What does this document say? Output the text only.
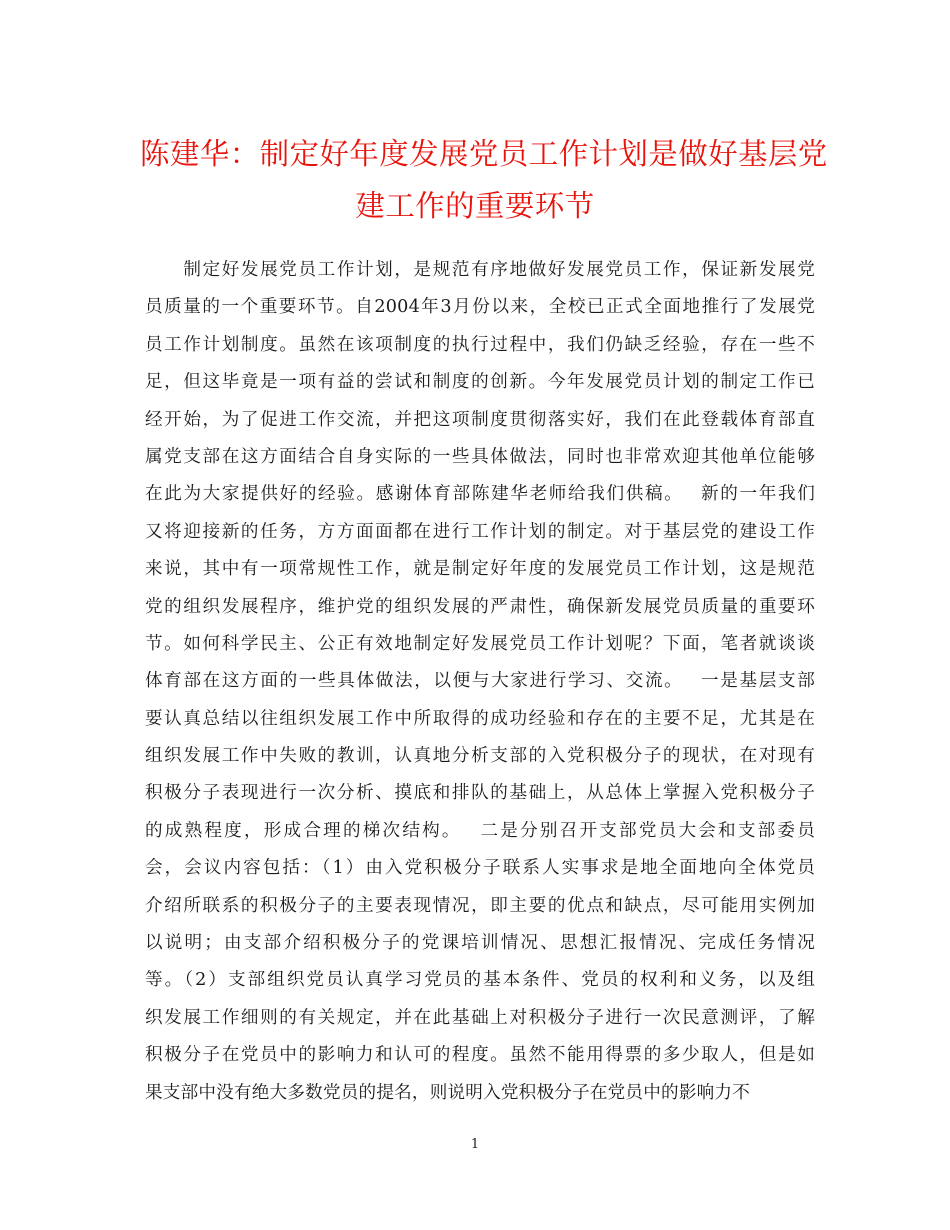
陈建华：制定好年度发展党员工作计划是做好基层党
建工作的重要环节
　　制定好发展党员工作计划，是规范有序地做好发展党员工作，保证新发展党
员质量的一个重要环节。自2004年3月份以来，全校已正式全面地推行了发展党
员工作计划制度。虽然在该项制度的执行过程中，我们仍缺乏经验，存在一些不
足，但这毕竟是一项有益的尝试和制度的创新。今年发展党员计划的制定工作已
经开始，为了促进工作交流，并把这项制度贯彻落实好，我们在此登载体育部直
属党支部在这方面结合自身实际的一些具体做法，同时也非常欢迎其他单位能够
在此为大家提供好的经验。感谢体育部陈建华老师给我们供稿。　 新的一年我们
又将迎接新的任务，方方面面都在进行工作计划的制定。对于基层党的建设工作
来说，其中有一项常规性工作，就是制定好年度的发展党员工作计划，这是规范
党的组织发展程序，维护党的组织发展的严肃性，确保新发展党员质量的重要环
节。如何科学民主、公正有效地制定好发展党员工作计划呢？下面，笔者就谈谈
体育部在这方面的一些具体做法，以便与大家进行学习、交流。　 一是基层支部
要认真总结以往组织发展工作中所取得的成功经验和存在的主要不足，尤其是在
组织发展工作中失败的教训，认真地分析支部的入党积极分子的现状，在对现有
积极分子表现进行一次分析、摸底和排队的基础上，从总体上掌握入党积极分子
的成熟程度，形成合理的梯次结构。　 二是分别召开支部党员大会和支部委员
会，会议内容包括：（1）由入党积极分子联系人实事求是地全面地向全体党员
介绍所联系的积极分子的主要表现情况，即主要的优点和缺点，尽可能用实例加
以说明；由支部介绍积极分子的党课培训情况、思想汇报情况、完成任务情况
等。（2）支部组织党员认真学习党员的基本条件、党员的权利和义务，以及组
织发展工作细则的有关规定，并在此基础上对积极分子进行一次民意测评，了解
积极分子在党员中的影响力和认可的程度。虽然不能用得票的多少取人，但是如
果支部中没有绝大多数党员的提名，则说明入党积极分子在党员中的影响力不
1
